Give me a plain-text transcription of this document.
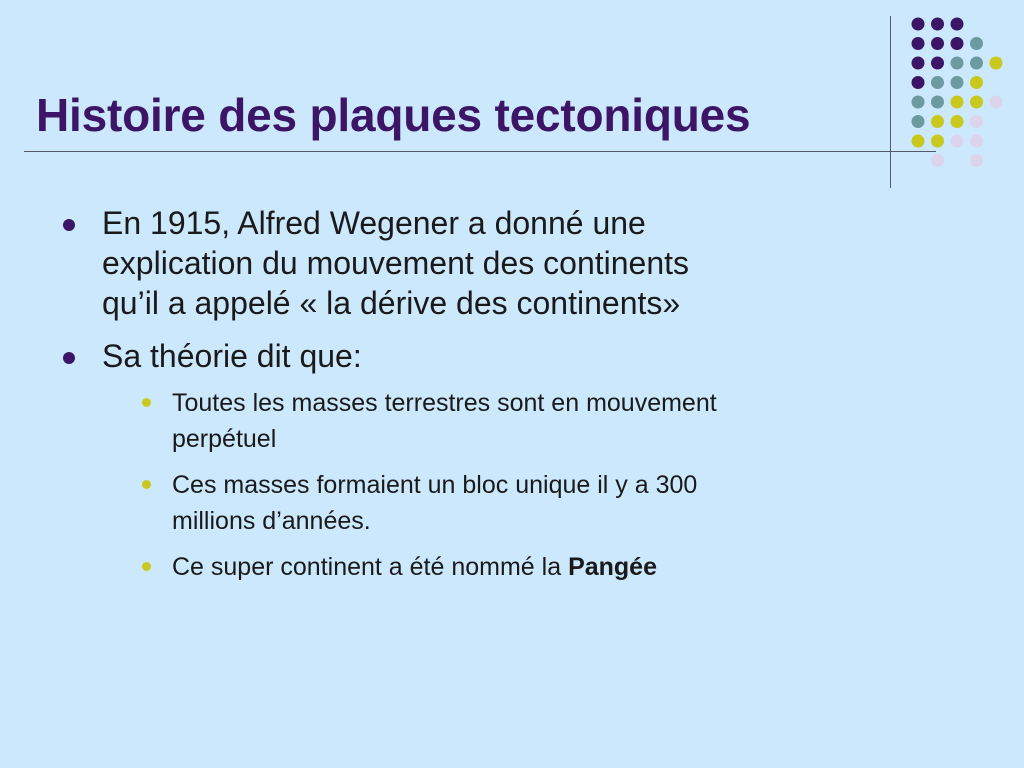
Histoire des plaques tectoniques
En 1915, Alfred Wegener a donné une
explication du mouvement des continents
qu’il a appelé « la dérive des continents»
Sa théorie dit que:
Toutes les masses terrestres sont en mouvement
perpétuel
Ces masses formaient un bloc unique il y a 300
millions d’années.
Ce super continent a été nommé la Pangée
